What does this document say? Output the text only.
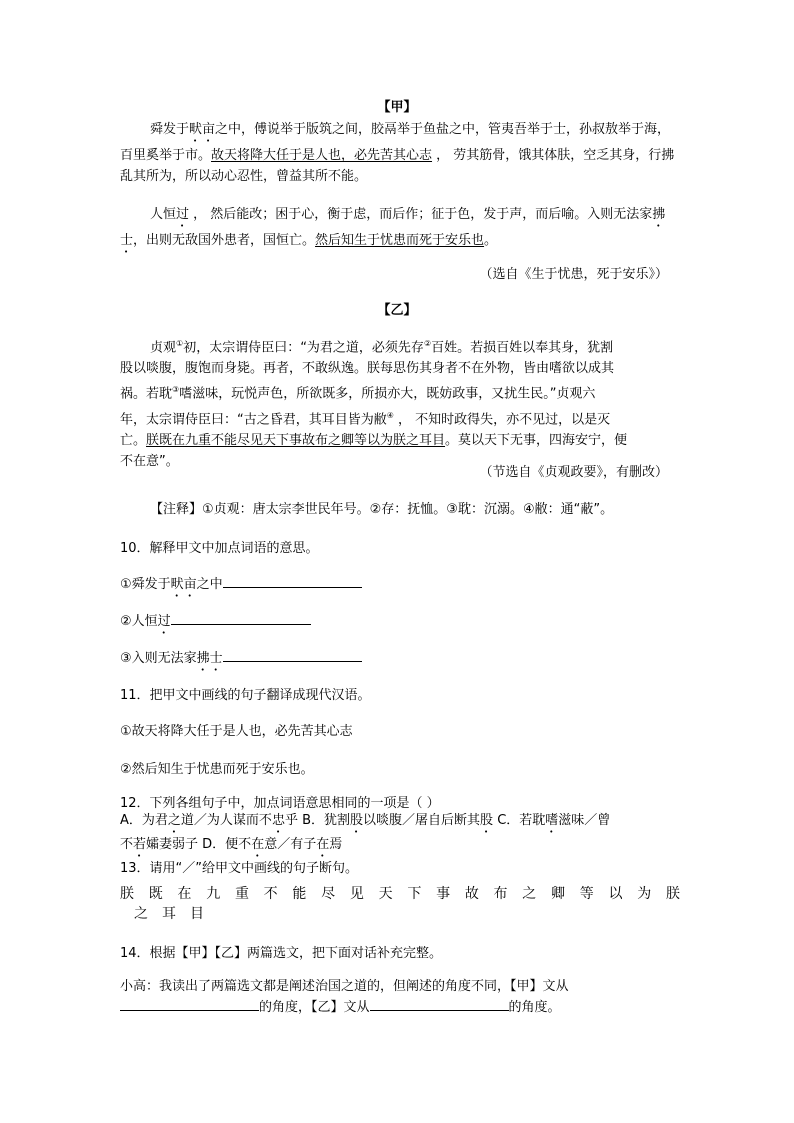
【甲】
舜发于畎亩之中，傅说举于版筑之间，胶鬲举于鱼盐之中，管夷吾举于士，孙叔敖举于海，百里奚举于市。故天将降大任于是人也，必先苦其心志 ， 劳其筋骨，饿其体肤，空乏其身，行拂乱其所为，所以动心忍性，曾益其所不能。
人恒过 ， 然后能改；困于心，衡于虑，而后作；征于色，发于声，而后喻。入则无法家拂士，出则无敌国外患者，国恒亡。然后知生于忧患而死于安乐也。
（选自《生于忧患，死于安乐》）
【乙】
贞观①初，太宗谓侍臣曰：“为君之道，必须先存②百姓。若损百姓以奉其身，犹割
股以啖腹，腹饱而身毙。再者，不敢纵逸。朕每思伤其身者不在外物，皆由嗜欲以成其
祸。若耽③嗜滋味，玩悦声色，所欲既多，所损亦大，既妨政事，又扰生民。”贞观六
年，太宗谓侍臣曰：“古之昏君，其耳目皆为敝④ ， 不知时政得失，亦不见过，以是灭
亡。朕既在九重不能尽见天下事故布之卿等以为朕之耳目。莫以天下无事，四海安宁，便
不在意”。
（节选自《贞观政要》，有删改）
【注释】①贞观：唐太宗李世民年号。②存：抚恤。③耽：沉溺。④敝：通“蔽”。
10．解释甲文中加点词语的意思。
①舜发于畎亩之中
②人恒过
③入则无法家拂士
11．把甲文中画线的句子翻译成现代汉语。
①故天将降大任于是人也，必先苦其心志
②然后知生于忧患而死于安乐也。
12．下列各组句子中，加点词语意思相同的一项是（ ）
A．为君之道／为人谋而不忠乎 B．犹割股以啖腹／屠自后断其股 C．若耽嗜滋味／曾
不若孀妻弱子 D．便不在意／有子在焉
13．请用“／”给甲文中画线的句子断句。
朕 既 在 九 重 不 能 尽 见 天 下 事 故 布 之 卿 等 以 为 朕
之 耳 目
14．根据【甲】【乙】两篇选文，把下面对话补充完整。
小高：我读出了两篇选文都是阐述治国之道的，但阐述的角度不同，【甲】文从
的角度，【乙】文从	的角度。
